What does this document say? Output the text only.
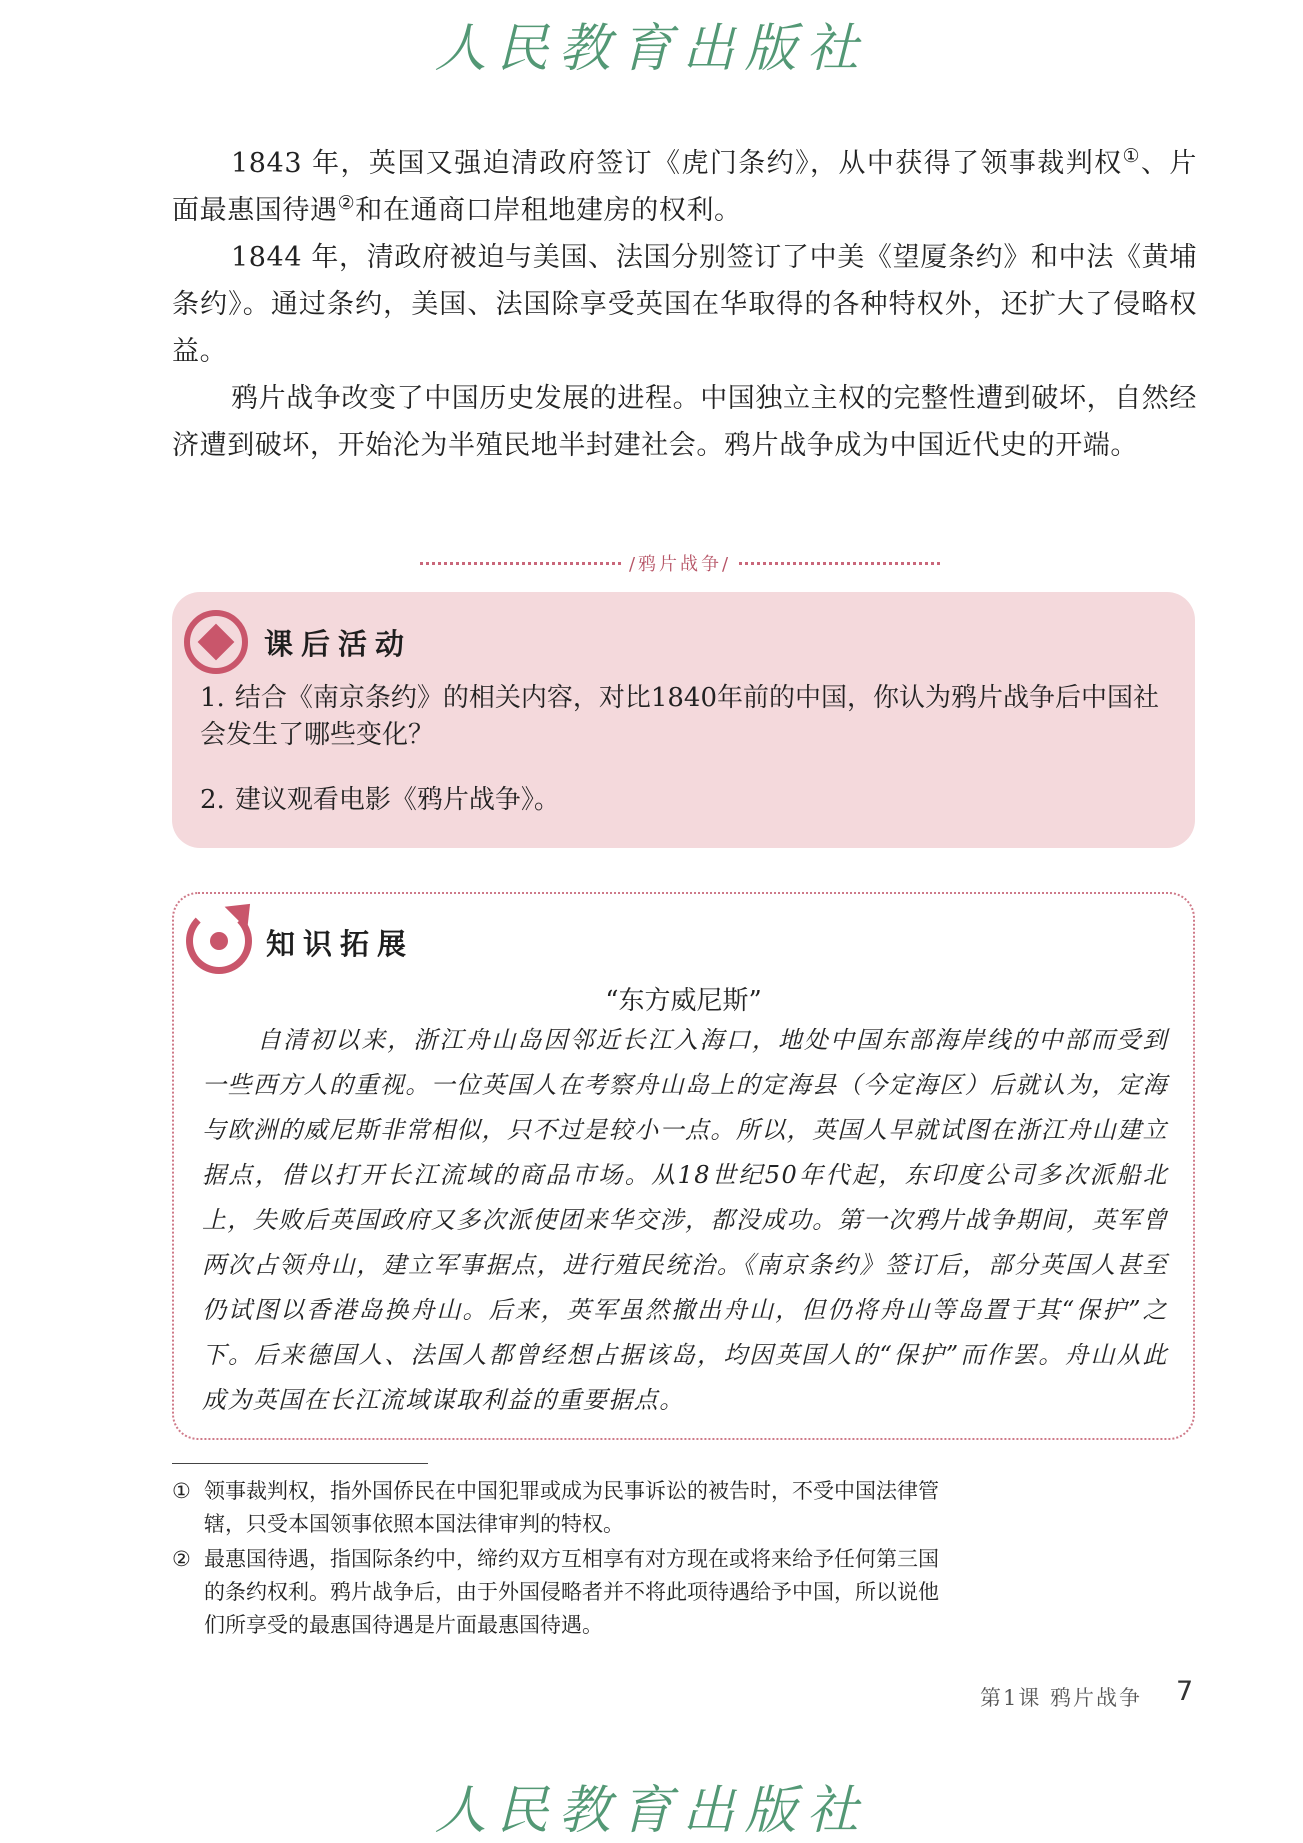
人民教育出版社

1843 年，英国又强迫清政府签订《虎门条约》，从中获得了领事裁判权①、片面最惠国待遇②和在通商口岸租地建房的权利。

1844 年，清政府被迫与美国、法国分别签订了中美《望厦条约》和中法《黄埔条约》。通过条约，美国、法国除享受英国在华取得的各种特权外，还扩大了侵略权益。

鸦片战争改变了中国历史发展的进程。中国独立主权的完整性遭到破坏，自然经济遭到破坏，开始沦为半殖民地半封建社会。鸦片战争成为中国近代史的开端。

/鸦片战争/
课后活动
1. 结合《南京条约》的相关内容，对比1840年前的中国，你认为鸦片战争后中国社会发生了哪些变化？
2. 建议观看电影《鸦片战争》。
知识拓展
“东方威尼斯”
自清初以来，浙江舟山岛因邻近长江入海口，地处中国东部海岸线的中部而受到一些西方人的重视。一位英国人在考察舟山岛上的定海县（今定海区）后就认为，定海与欧洲的威尼斯非常相似，只不过是较小一点。所以，英国人早就试图在浙江舟山建立据点，借以打开长江流域的商品市场。从18世纪50年代起，东印度公司多次派船北上，失败后英国政府又多次派使团来华交涉，都没成功。第一次鸦片战争期间，英军曾两次占领舟山，建立军事据点，进行殖民统治。《南京条约》签订后，部分英国人甚至仍试图以香港岛换舟山。后来，英军虽然撤出舟山，但仍将舟山等岛置于其“保护”之下。后来德国人、法国人都曾经想占据该岛，均因英国人的“保护”而作罢。舟山从此成为英国在长江流域谋取利益的重要据点。
① 领事裁判权，指外国侨民在中国犯罪或成为民事诉讼的被告时，不受中国法律管辖，只受本国领事依照本国法律审判的特权。
② 最惠国待遇，指国际条约中，缔约双方互相享有对方现在或将来给予任何第三国的条约权利。鸦片战争后，由于外国侵略者并不将此项待遇给予中国，所以说他们所享受的最惠国待遇是片面最惠国待遇。
第1课 鸦片战争 7
人民教育出版社
